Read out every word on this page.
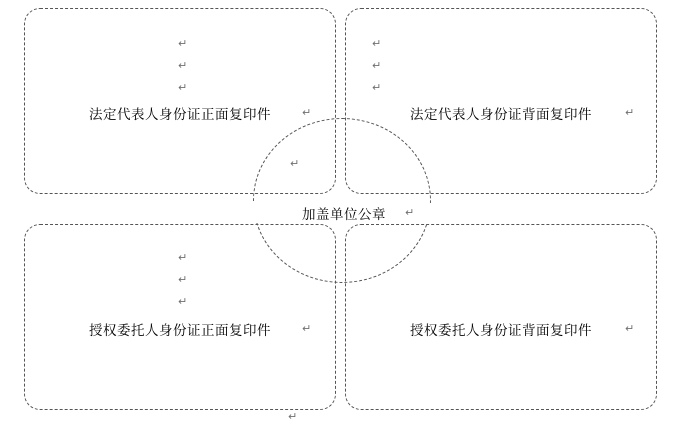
法定代表人身份证正面复印件	法定代表人身份证背面复印件
授权委托人身份证正面复印件	授权委托人身份证背面复印件
加盖单位公章
↵
↵
↵
↵
↵
↵
↵	↵
↵
↵
↵
↵
↵
↵	↵
↵
